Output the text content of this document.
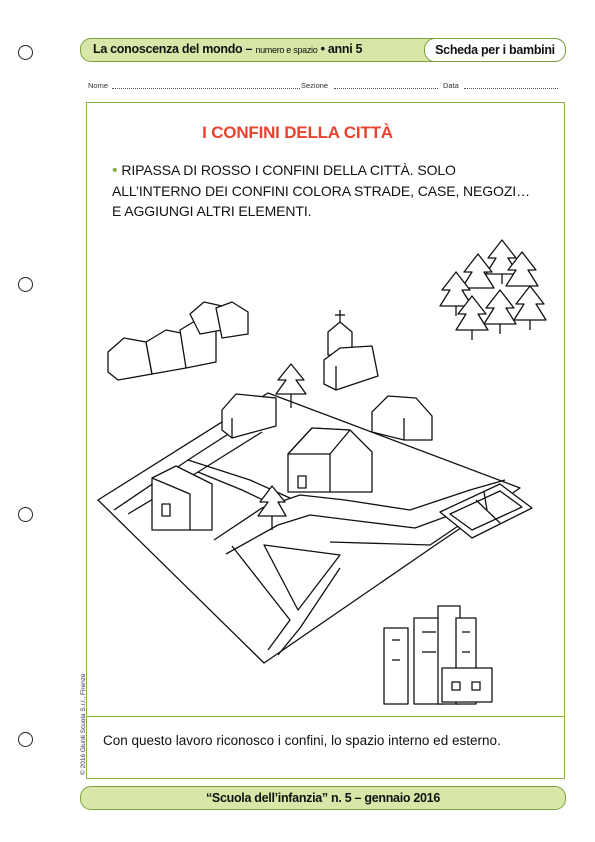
La conoscenza del mondo – numero e spazio • anni 5	Scheda per i bambini
Nome	Sezione	Data
I CONFINI DELLA CITTÀ
• RIPASSA DI ROSSO I CONFINI DELLA CITTÀ. SOLO ALL’INTERNO DEI CONFINI COLORA STRADE, CASE, NEGOZI… E AGGIUNGI ALTRI ELEMENTI.
Con questo lavoro riconosco i confini, lo spazio interno ed esterno.
© 2016 Giunti Scuola S.r.l., Firenze
“Scuola dell’infanzia” n. 5 – gennaio 2016
